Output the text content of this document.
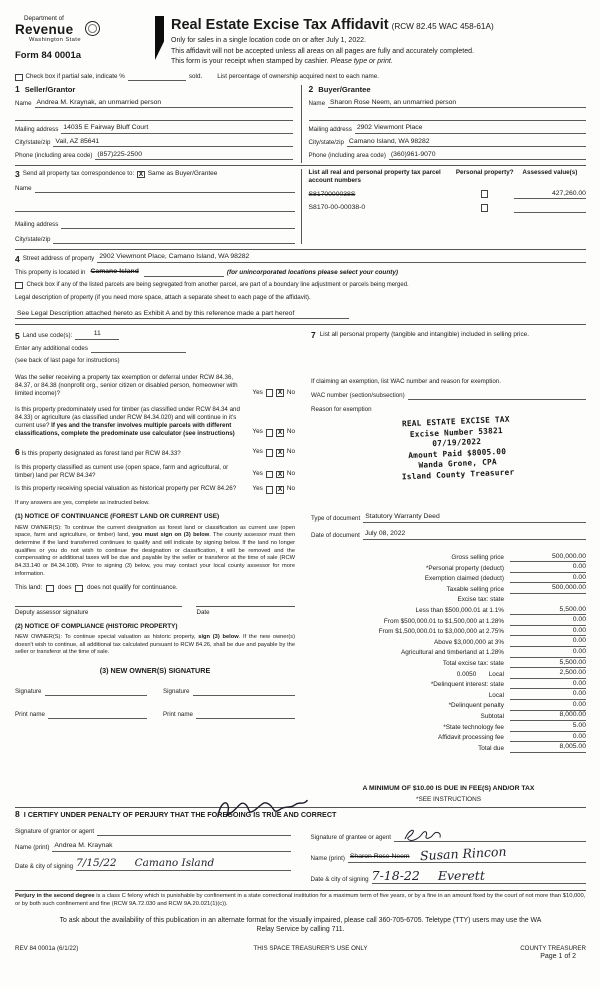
Department of
Revenue
Washington State
Form 84 0001a
Real Estate Excise Tax Affidavit (RCW 82.45 WAC 458-61A)
Only for sales in a single location code on or after July 1, 2022.
This affidavit will not be accepted unless all areas on all pages are fully and accurately completed.
This form is your receipt when stamped by cashier. Please type or print.
Check box if partial sale, indicate %	sold. List percentage of ownership acquired next to each name.
1 Seller/Grantor
Name Andrea M. Kraynak, an unmarried person
Mailing address 14035 E Fairway Bluff Court
City/state/zip Vail, AZ 85641
Phone (including area code) (857)225-2500
2 Buyer/Grantee
Name Sharon Rose Neem, an unmarried person
Mailing address 2902 Viewmont Place
City/state/zip Camano Island, WA 98282
Phone (including area code) (360)961-9070
3 Send all property tax correspondence to: X Same as Buyer/Grantee
Name
Mailing address
City/state/zip
List all real and personal property tax parcel account numbers
Personal property?	Assessed value(s)
S8170000038S	427,260.00
S8170-00-00038-0
4 Street address of property 2902 Viewmont Place, Camano Island, WA 98282
This property is located in Camano Island	(for unincorporated locations please select your county)
Check box if any of the listed parcels are being segregated from another parcel, are part of a boundary line adjustment or parcels being merged.
Legal description of property (if you need more space, attach a separate sheet to each page of the affidavit).
See Legal Description attached hereto as Exhibit A and by this reference made a part hereof
5 Land use code(s):	11
Enter any additional codes
(see back of last page for instructions)
Was the seller receiving a property tax exemption or deferral under RCW 84.36, 84.37, or 84.38 (nonprofit org., senior citizen or disabled person, homeowner with limited income)?	Yes X No
Is this property predominately used for timber (as classified under RCW 84.34 and 84.33) or agriculture (as classified under RCW 84.34.020) and will continue in it's current use? If yes and the transfer involves multiple parcels with different classifications, complete the predominate use calculator (see instructions)	Yes X No
6 Is this property designated as forest land per RCW 84.33?	Yes X No
Is this property classified as current use (open space, farm and agricultural, or timber) land per RCW 84.34?	Yes X No
Is this property receiving special valuation as historical property per RCW 84.26?	Yes X No
If any answers are yes, complete as instructed below.
(1) NOTICE OF CONTINUANCE (FOREST LAND OR CURRENT USE)
NEW OWNER(S): To continue the current designation as forest land or classification as current use (open space, farm and agriculture, or timber) land, you must sign on (3) below. The county assessor must then determine if the land transferred continues to qualify and will indicate by signing below. If the land no longer qualifies or you do not wish to continue the designation or classification, it will be removed and the compensating or additional taxes will be due and payable by the seller or transferor at the time of sale (RCW 84.33.140 or 84.34.108). Prior to signing (3) below, you may contact your local county assessor for more information.
This land: does does not qualify for continuance.
Deputy assessor signature	Date
(2) NOTICE OF COMPLIANCE (HISTORIC PROPERTY)
NEW OWNER(S): To continue special valuation as historic property, sign (3) below. If the new owner(s) doesn't wish to continue, all additional tax calculated pursuant to RCW 84.26, shall be due and payable by the seller or transferor at the time of sale.
(3) NEW OWNER(S) SIGNATURE
Signature	Signature
Print name	Print name
7 List all personal property (tangible and intangible) included in selling price.
If claiming an exemption, list WAC number and reason for exemption.
WAC number (section/subsection)
Reason for exemption
REAL ESTATE EXCISE TAX
Excise Number 53821
07/19/2022
Amount Paid $8005.00
Wanda Grone, CPA
Island County Treasurer
Type of document Statutory Warranty Deed
Date of document July 08, 2022
Gross selling price	500,000.00
*Personal property (deduct)	0.00
Exemption claimed (deduct)	0.00
Taxable selling price	500,000.00
Excise tax: state
Less than $500,000.01 at 1.1%	5,500.00
From $500,000.01 to $1,500,000 at 1.28%	0.00
From $1,500,000.01 to $3,000,000 at 2.75%	0.00
Above $3,000,000 at 3%	0.00
Agricultural and timberland at 1.28%	0.00
Total excise tax: state	5,500.00
0.0050       Local	2,500.00
*Delinquent interest: state	0.00
Local	0.00
*Delinquent penalty	0.00
Subtotal	8,000.00
*State technology fee	5.00
Affidavit processing fee	0.00
Total due	8,005.00
A MINIMUM OF $10.00 IS DUE IN FEE(S) AND/OR TAX
*SEE INSTRUCTIONS
8 I CERTIFY UNDER PENALTY OF PERJURY THAT THE FOREGOING IS TRUE AND CORRECT
Signature of grantor or agent
Name (print) Andrea M. Kraynak
Date & city of signing 7/15/22 Camano Island
Signature of grantee or agent
Name (print) Sharon Rose Neem Susan Rincon
Date & city of signing 7-18-22 Everett
Perjury in the second degree is a class C felony which is punishable by confinement in a state correctional institution for a maximum term of five years, or by a fine in an amount fixed by the court of not more than $10,000, or by both such confinement and fine (RCW 9A.72.030 and RCW 9A.20.021(1)(c)).
To ask about the availability of this publication in an alternate format for the visually impaired, please call 360-705-6705. Teletype (TTY) users may use the WA Relay Service by calling 711.
REV 84 0001a (6/1/22)	THIS SPACE TREASURER'S USE ONLY	COUNTY TREASURER
Page 1 of 2
